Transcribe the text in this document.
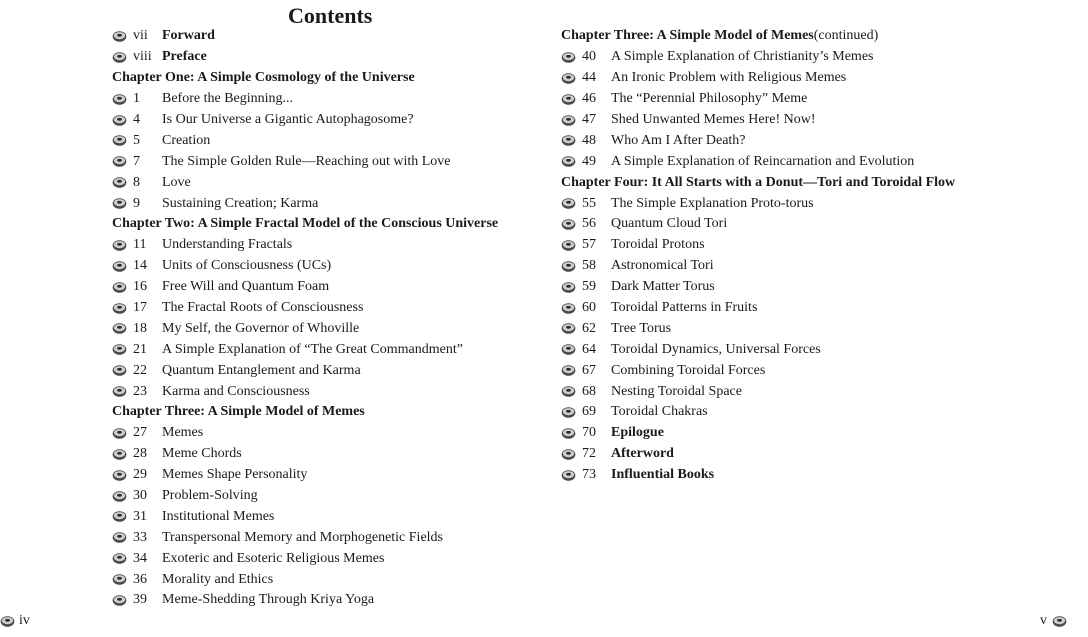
Contents
vii	Forward
viii Preface
Chapter One: A Simple Cosmology of the Universe
1	Before the Beginning...
4	Is Our Universe a Gigantic Autophagosome?
5	Creation
7	The Simple Golden Rule—Reaching out with Love
8	Love
9	Sustaining Creation; Karma
Chapter Two: A Simple Fractal Model of the Conscious Universe
11	Understanding Fractals
14	Units of Consciousness (UCs)
16	Free Will and Quantum Foam
17	The Fractal Roots of Consciousness
18	My Self, the Governor of Whoville
21	A Simple Explanation of “The Great Commandment”
22	Quantum Entanglement and Karma
23	Karma and Consciousness
Chapter Three: A Simple Model of Memes
27	Memes
28	Meme Chords
29	Memes Shape Personality
30	Problem-Solving
31	Institutional Memes
33	Transpersonal Memory and Morphogenetic Fields
34	Exoteric and Esoteric Religious Memes
36	Morality and Ethics
39	Meme-Shedding Through Kriya Yoga
Chapter Three: A Simple Model of Memes (continued)
40	A Simple Explanation of Christianity’s Memes
44	An Ironic Problem with Religious Memes
46	The “Perennial Philosophy” Meme
47	Shed Unwanted Memes Here! Now!
48	Who Am I After Death?
49	A Simple Explanation of Reincarnation and Evolution
Chapter Four: It All Starts with a Donut—Tori and Toroidal Flow
55	The Simple Explanation Proto-torus
56	Quantum Cloud Tori
57	Toroidal Protons
58	Astronomical Tori
59	Dark Matter Torus
60	Toroidal Patterns in Fruits
62	Tree Torus
64	Toroidal Dynamics, Universal Forces
67	Combining Toroidal Forces
68	Nesting Toroidal Space
69	Toroidal Chakras
70	Epilogue
72	Afterword
73	Influential Books
iv	v
